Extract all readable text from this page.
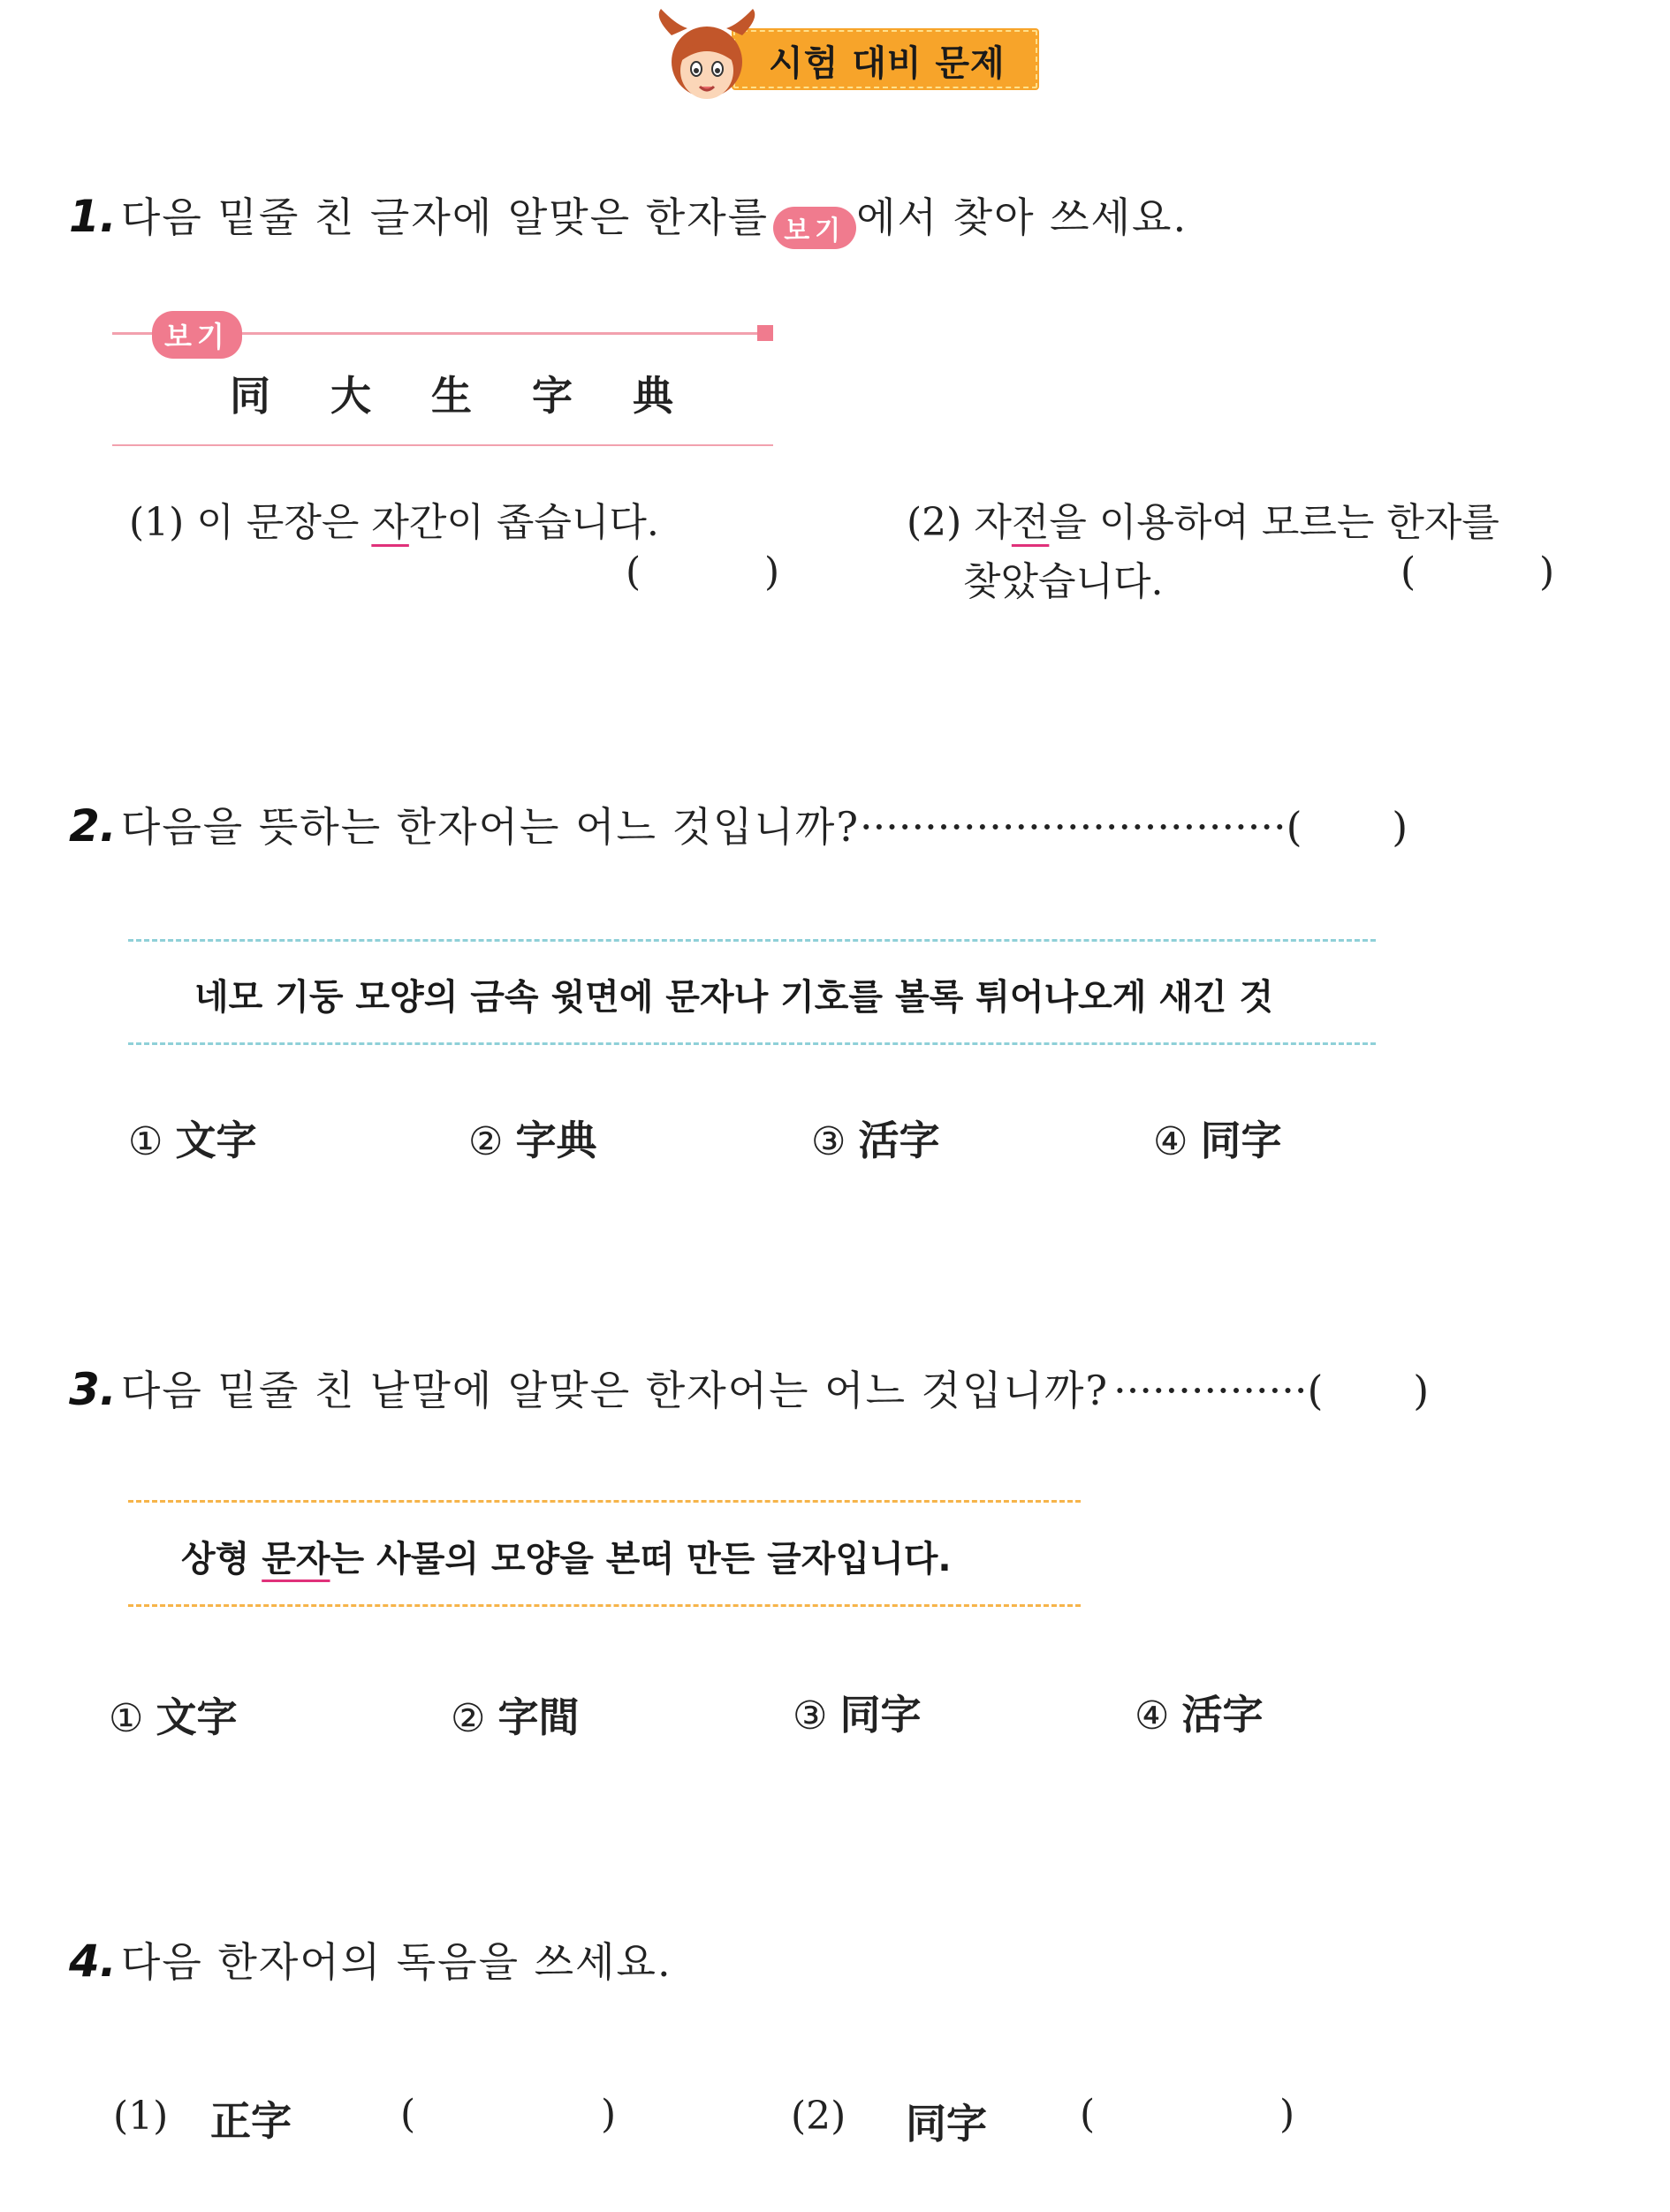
시험 대비 문제
1. 다음 밑줄 친 글자에 알맞은 한자를 보기 에서 찾아 쓰세요.
보기
同 大 生 字 典
(1) 이 문장은 자간이 좁습니다.
(          )
(2) 자전을 이용하여 모르는 한자를
찾았습니다.	(          )
2. 다음을 뜻하는 한자어는 어느 것입니까?·································(      )
네모 기둥 모양의 금속 윗면에 문자나 기호를 볼록 튀어나오게 새긴 것
① 文字	② 字典	③ 活字	④ 同字
3. 다음 밑줄 친 낱말에 알맞은 한자어는 어느 것입니까? ···············(      )
상형 문자는 사물의 모양을 본떠 만든 글자입니다.
① 文字	② 字間	③ 同字	④ 活字
4. 다음 한자어의 독음을 쓰세요.
(1) 正字	(	)	(2) 同字 (	)
